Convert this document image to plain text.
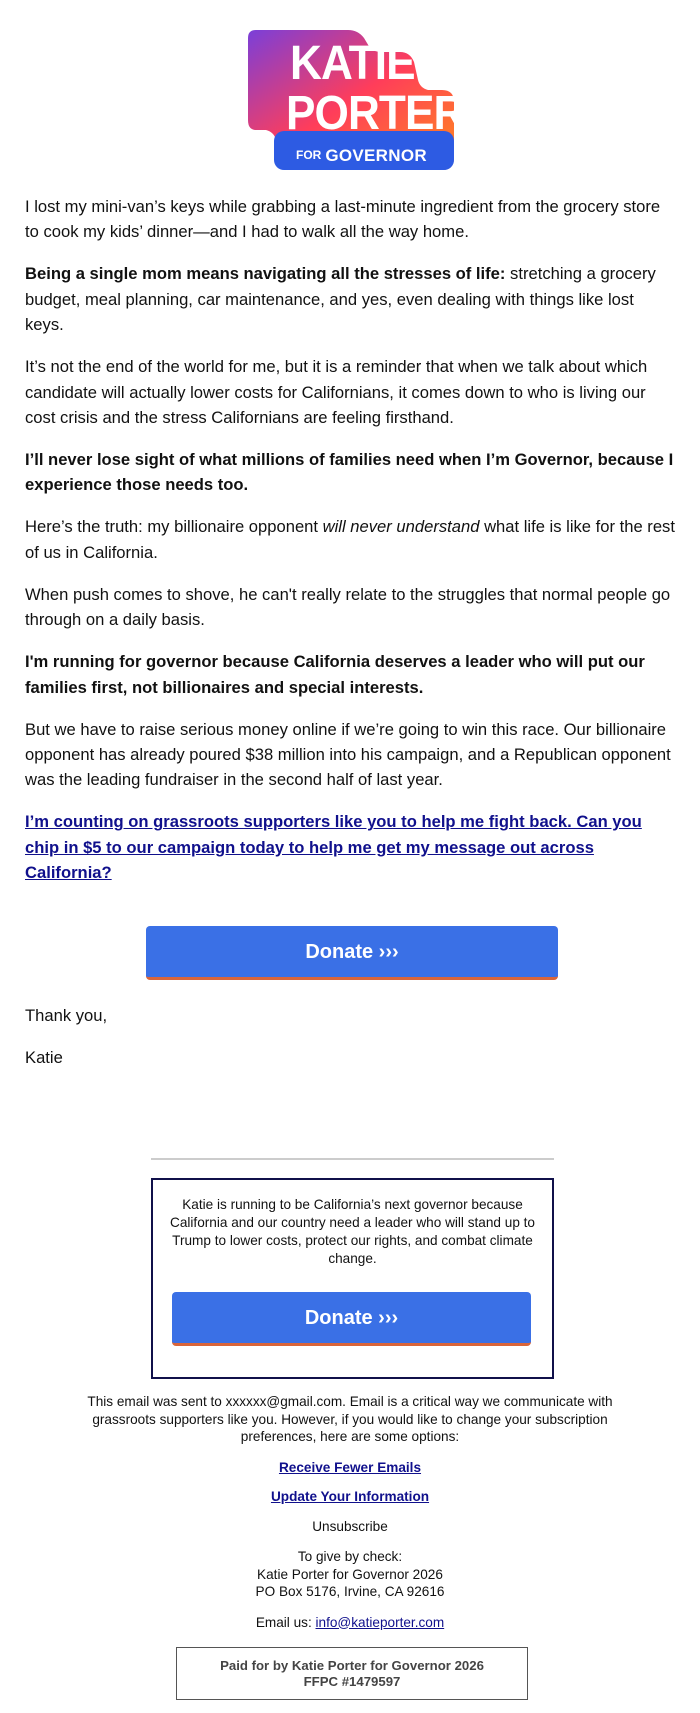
KATIE
PORTER
FOR GOVERNOR

I lost my mini-van’s keys while grabbing a last-minute ingredient from the grocery store to cook my kids’ dinner—and I had to walk all the way home.

Being a single mom means navigating all the stresses of life: stretching a grocery budget, meal planning, car maintenance, and yes, even dealing with things like lost keys.

It’s not the end of the world for me, but it is a reminder that when we talk about which candidate will actually lower costs for Californians, it comes down to who is living our cost crisis and the stress Californians are feeling firsthand.

I’ll never lose sight of what millions of families need when I’m Governor, because I experience those needs too.

Here’s the truth: my billionaire opponent will never understand what life is like for the rest of us in California.

When push comes to shove, he can't really relate to the struggles that normal people go through on a daily basis.

I'm running for governor because California deserves a leader who will put our families first, not billionaires and special interests.

But we have to raise serious money online if we’re going to win this race. Our billionaire opponent has already poured $38 million into his campaign, and a Republican opponent was the leading fundraiser in the second half of last year.

I’m counting on grassroots supporters like you to help me fight back. Can you chip in $5 to our campaign today to help me get my message out across California?

Donate ›››
Thank you,
Katie
Katie is running to be California’s next governor because California and our country need a leader who will stand up to Trump to lower costs, protect our rights, and combat climate change.
Donate ›››

This email was sent to xxxxxx@gmail.com. Email is a critical way we communicate with grassroots supporters like you. However, if you would like to change your subscription preferences, here are some options:

Receive Fewer Emails

Update Your Information

Unsubscribe

To give by check:

Katie Porter for Governor 2026

PO Box 5176, Irvine, CA 92616

Email us: info@katieporter.com

Paid for by Katie Porter for Governor 2026
FFPC #1479597
